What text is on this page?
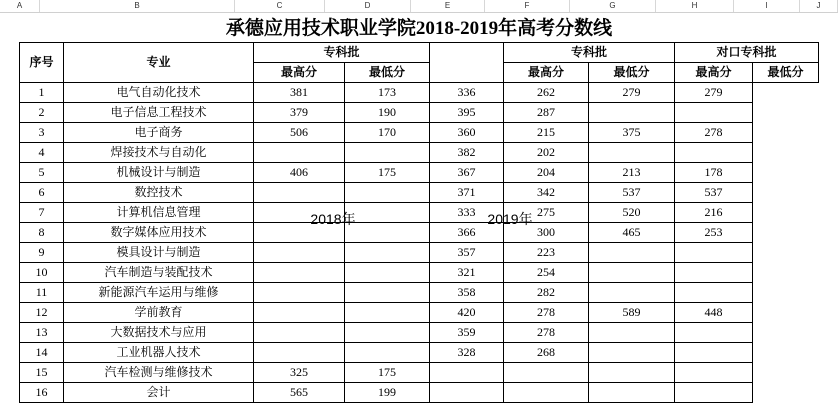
A	B	C	D	E	F	G	H	I	J
承德应用技术职业学院2018-2019年高考分数线
序号	专业	专科批			专科批		对口专科批	
		最高分	最低分		最高分	最低分	最高分	最低分
1	电气自动化技术	381	173	336	262	279	279	
2	电子信息工程技术	379	190	395	287			
3	电子商务	506	170	360	215	375	278	
4	焊接技术与自动化			382	202			
5	机械设计与制造	406	175	367	204	213	178	
6	数控技术			371	342	537	537	
7	计算机信息管理			333	275	520	216	
8	数字媒体应用技术			366	300	465	253	
9	模具设计与制造			357	223			
10	汽车制造与装配技术			321	254			
11	新能源汽车运用与维修			358	282			
12	学前教育			420	278	589	448	
13	大数据技术与应用			359	278			
14	工业机器人技术			328	268			
15	汽车检测与维修技术	325	175					
16	会计	565	199					
2018年	2019年
